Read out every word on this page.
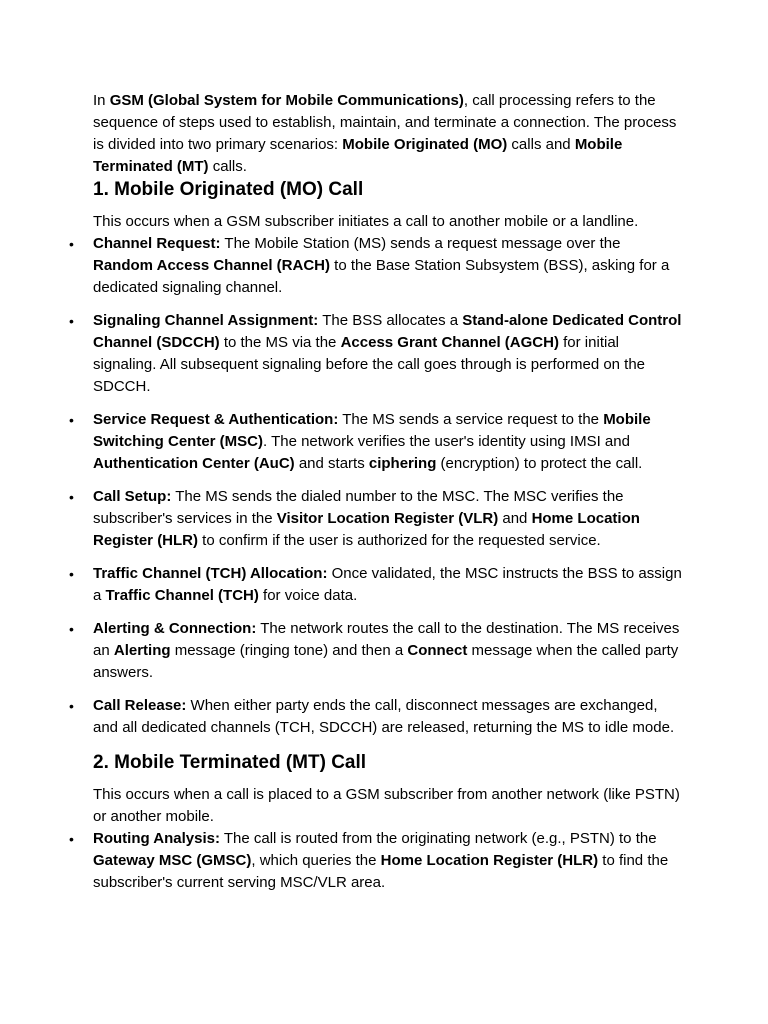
In GSM (Global System for Mobile Communications), call processing refers to the sequence of steps used to establish, maintain, and terminate a connection. The process is divided into two primary scenarios: Mobile Originated (MO) calls and Mobile Terminated (MT) calls.

1. Mobile Originated (MO) Call

This occurs when a GSM subscriber initiates a call to another mobile or a landline.

• Channel Request: The Mobile Station (MS) sends a request message over the Random Access Channel (RACH) to the Base Station Subsystem (BSS), asking for a dedicated signaling channel.
• Signaling Channel Assignment: The BSS allocates a Stand-alone Dedicated Control Channel (SDCCH) to the MS via the Access Grant Channel (AGCH) for initial signaling. All subsequent signaling before the call goes through is performed on the SDCCH.
• Service Request & Authentication: The MS sends a service request to the Mobile Switching Center (MSC). The network verifies the user's identity using IMSI and Authentication Center (AuC) and starts ciphering (encryption) to protect the call.
• Call Setup: The MS sends the dialed number to the MSC. The MSC verifies the subscriber's services in the Visitor Location Register (VLR) and Home Location Register (HLR) to confirm if the user is authorized for the requested service.
• Traffic Channel (TCH) Allocation: Once validated, the MSC instructs the BSS to assign a Traffic Channel (TCH) for voice data.
• Alerting & Connection: The network routes the call to the destination. The MS receives an Alerting message (ringing tone) and then a Connect message when the called party answers.
• Call Release: When either party ends the call, disconnect messages are exchanged, and all dedicated channels (TCH, SDCCH) are released, returning the MS to idle mode.
2. Mobile Terminated (MT) Call

This occurs when a call is placed to a GSM subscriber from another network (like PSTN) or another mobile.

• Routing Analysis: The call is routed from the originating network (e.g., PSTN) to the Gateway MSC (GMSC), which queries the Home Location Register (HLR) to find the subscriber's current serving MSC/VLR area.
